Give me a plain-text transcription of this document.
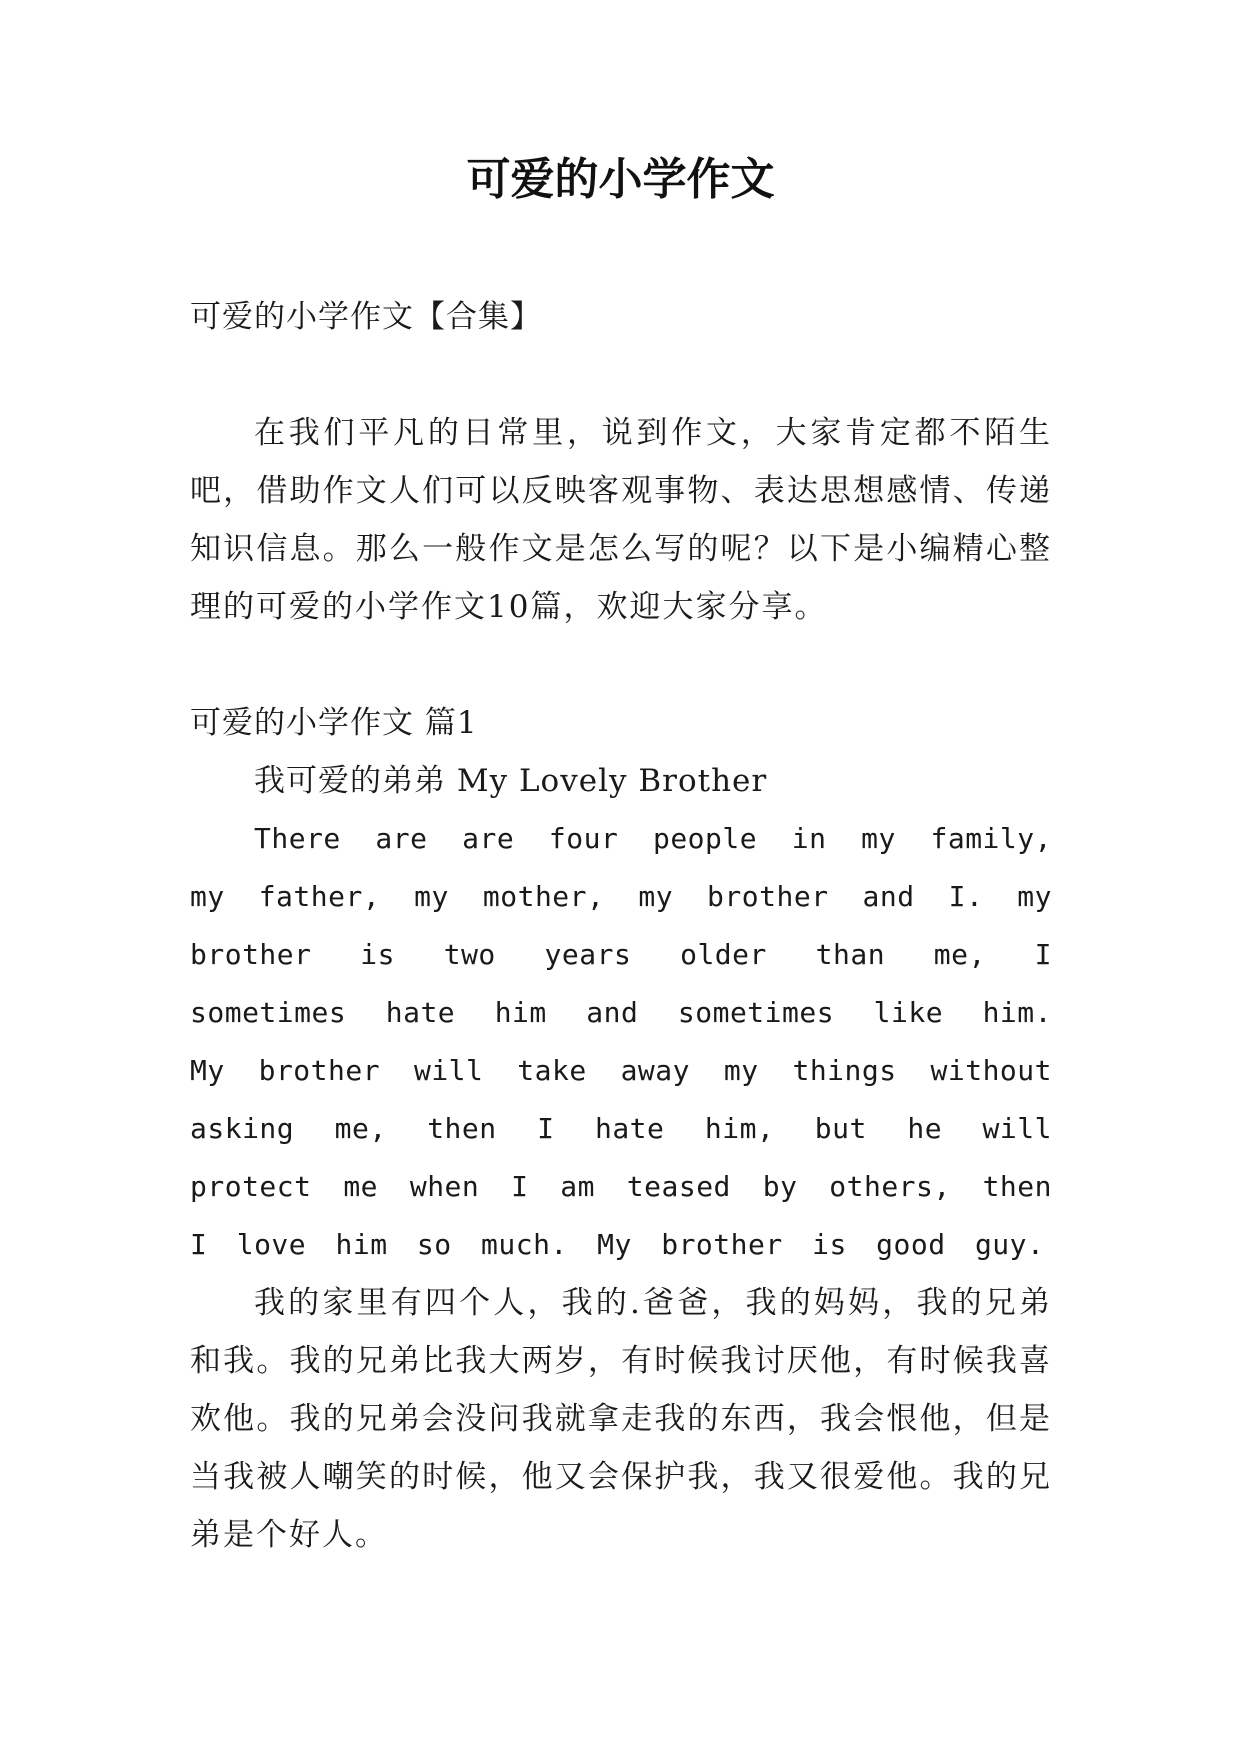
可爱的小学作文
可爱的小学作文【合集】

在我们平凡的日常里，说到作文，大家肯定都不陌生吧，借助作文人们可以反映客观事物、表达思想感情、传递知识信息。那么一般作文是怎么写的呢？以下是小编精心整理的可爱的小学作文10篇，欢迎大家分享。

可爱的小学作文 篇1
我可爱的弟弟 My Lovely Brother

There are are four people in my family, my father, my mother, my brother and I. my brother is two years older than me, I sometimes hate him and sometimes like him. My brother will take away my things without asking me, then I hate him, but he will protect me when I am teased by others, then I love him so much. My brother is good guy.

我的家里有四个人，我的.爸爸，我的妈妈，我的兄弟和我。我的兄弟比我大两岁，有时候我讨厌他，有时候我喜欢他。我的兄弟会没问我就拿走我的东西，我会恨他，但是当我被人嘲笑的时候，他又会保护我，我又很爱他。我的兄弟是个好人。
